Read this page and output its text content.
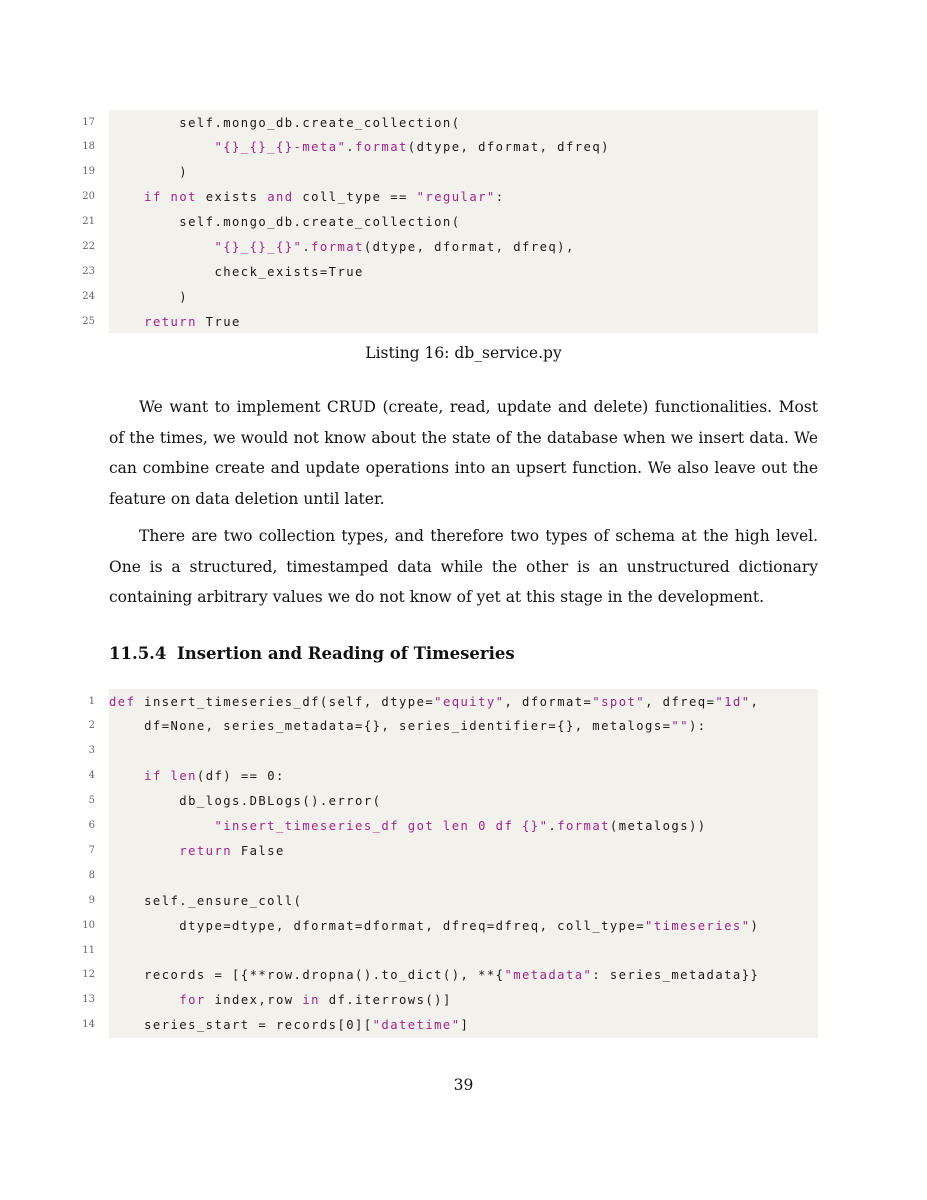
17 self.mongo_db.create_collection(
18	"{}_{}_{}-meta".format(dtype, dformat, dfreq)
19 )
20	if not exists and coll_type == "regular":
21 self.mongo_db.create_collection(
22	"{}_{}_{}".format(dtype, dformat, dfreq),
23 check_exists=True
24 )
25	return True
Listing 16: db_service.py

We want to implement CRUD (create, read, update and delete) functionalities. Most of the times, we would not know about the state of the database when we insert data. We can combine create and update operations into an upsert function. We also leave out the feature on data deletion until later.

There are two collection types, and therefore two types of schema at the high level. One is a structured, timestamped data while the other is an unstructured dictionary containing arbitrary values we do not know of yet at this stage in the development.

11.5.4 Insertion and Reading of Timeseries
1 def insert_timeseries_df(self, dtype="equity", dformat="spot", dfreq="1d",
2 df=None, series_metadata={}, series_identifier={}, metalogs=""):
3
4	if len(df) == 0:
5 db_logs.DBLogs().error(
6	"insert_timeseries_df got len 0 df {}".format(metalogs))
7	return False
8
9 self._ensure_coll(
10 dtype=dtype, dformat=dformat, dfreq=dfreq, coll_type="timeseries")
11
12 records = [{**row.dropna().to_dict(), **{"metadata": series_metadata}}
13	for index,row in df.iterrows()]
14 series_start = records[0]["datetime"]
39
